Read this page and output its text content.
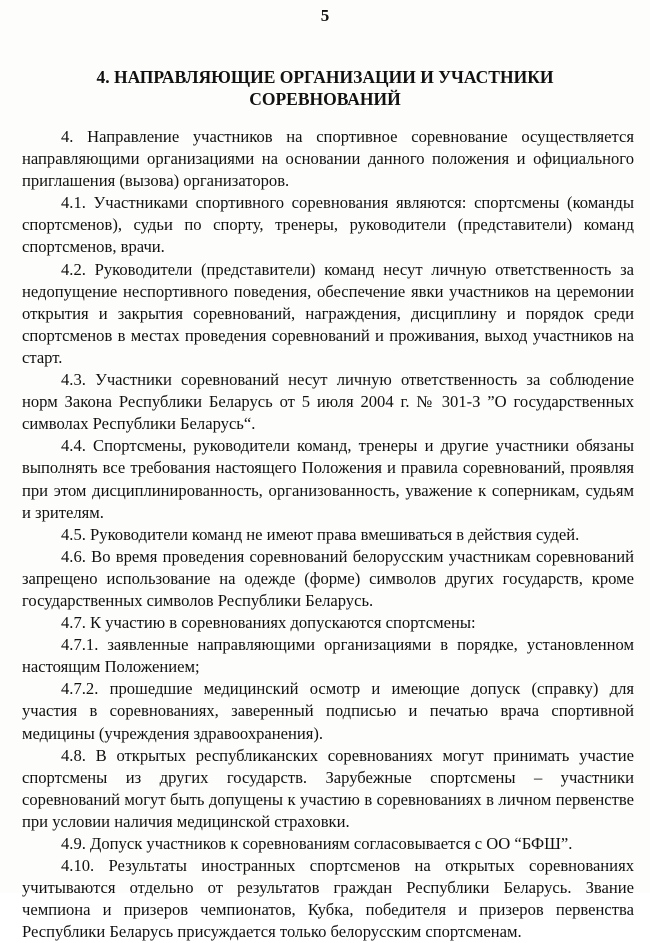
5
4. НАПРАВЛЯЮЩИЕ ОРГАНИЗАЦИИ И УЧАСТНИКИ
СОРЕВНОВАНИЙ

4. Направление участников на спортивное соревнование осуществляется направляющими организациями на основании данного положения и официального приглашения (вызова) организаторов.

4.1. Участниками спортивного соревнования являются: спортсмены (команды спортсменов), судьи по спорту, тренеры, руководители (представители) команд спортсменов, врачи.

4.2. Руководители (представители) команд несут личную ответственность за недопущение неспортивного поведения, обеспечение явки участников на церемонии открытия и закрытия соревнований, награждения, дисциплину и порядок среди спортсменов в местах проведения соревнований и проживания, выход участников на старт.

4.3. Участники соревнований несут личную ответственность за соблюдение норм Закона Республики Беларусь от 5 июля 2004 г. № 301-З ”О государственных символах Республики Беларусь“.

4.4. Спортсмены, руководители команд, тренеры и другие участники обязаны выполнять все требования настоящего Положения и правила соревнований, проявляя при этом дисциплинированность, организованность, уважение к соперникам, судьям и зрителям.

4.5. Руководители команд не имеют права вмешиваться в действия судей.

4.6. Во время проведения соревнований белорусским участникам соревнований запрещено использование на одежде (форме) символов других государств, кроме государственных символов Республики Беларусь.

4.7. К участию в соревнованиях допускаются спортсмены:

4.7.1. заявленные направляющими организациями в порядке, установленном настоящим Положением;

4.7.2. прошедшие медицинский осмотр и имеющие допуск (справку) для участия в соревнованиях, заверенный подписью и печатью врача спортивной медицины (учреждения здравоохранения).

4.8. В открытых республиканских соревнованиях могут принимать участие спортсмены из других государств. Зарубежные спортсмены – участники соревнований могут быть допущены к участию в соревнованиях в личном первенстве при условии наличия медицинской страховки.

4.9. Допуск участников к соревнованиям согласовывается с ОО “БФШ”.

4.10. Результаты иностранных спортсменов на открытых соревнованиях учитываются отдельно от результатов граждан Республики Беларусь. Звание чемпиона и призеров чемпионатов, Кубка, победителя и призеров первенства Республики Беларусь присуждается только белорусским спортсменам.
